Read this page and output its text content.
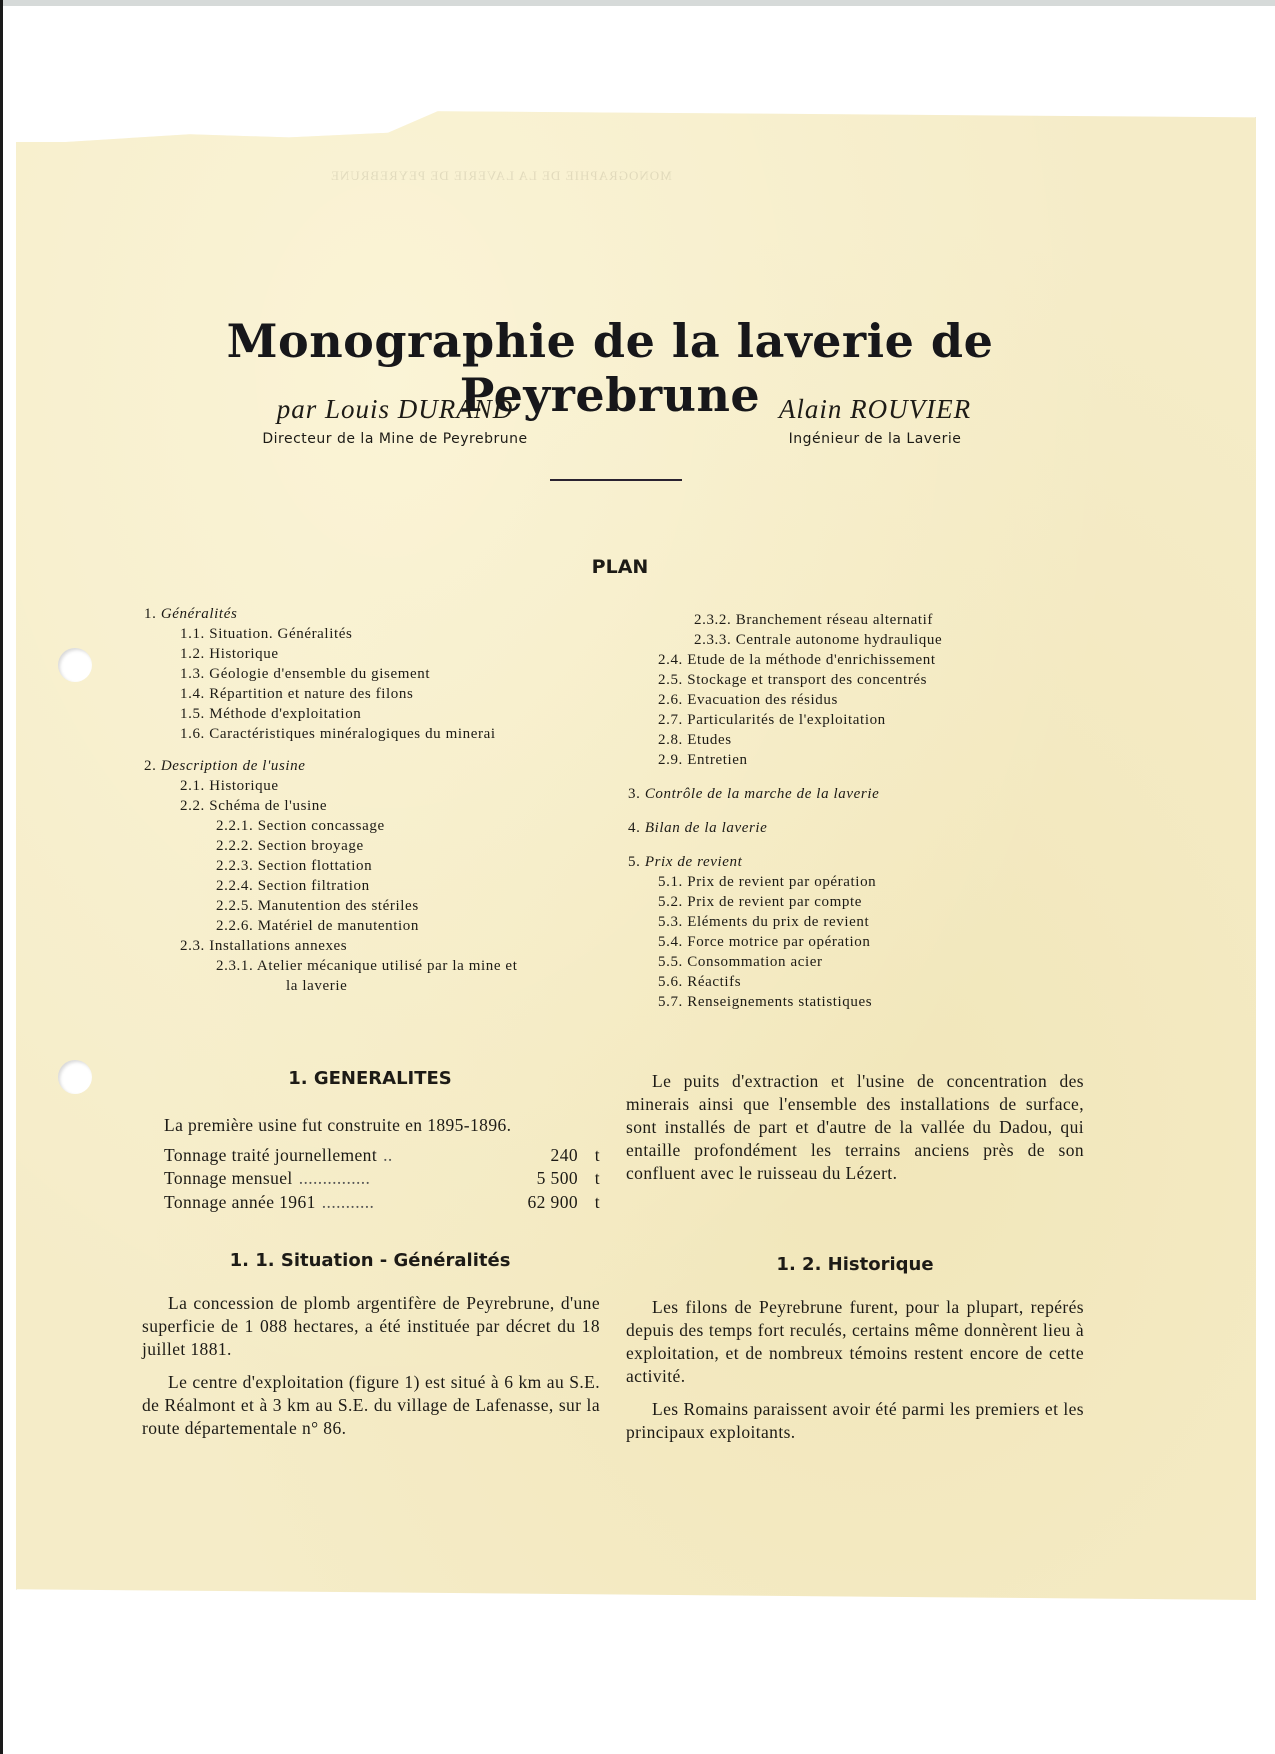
MONOGRAPHIE DE LA LAVERIE DE PEYREBRUNE
Monographie de la laverie de Peyrebrune
par Louis DURAND
Directeur de la Mine de Peyrebrune
Alain ROUVIER
Ingénieur de la Laverie
PLAN
1. Généralités
1.1. Situation. Généralités
1.2. Historique
1.3. Géologie d'ensemble du gisement
1.4. Répartition et nature des filons
1.5. Méthode d'exploitation
1.6. Caractéristiques minéralogiques du minerai
2. Description de l'usine
2.1. Historique
2.2. Schéma de l'usine
2.2.1. Section concassage
2.2.2. Section broyage
2.2.3. Section flottation
2.2.4. Section filtration
2.2.5. Manutention des stériles
2.2.6. Matériel de manutention
2.3. Installations annexes
2.3.1. Atelier mécanique utilisé par la mine et
la laverie
2.3.2. Branchement réseau alternatif
2.3.3. Centrale autonome hydraulique
2.4. Etude de la méthode d'enrichissement
2.5. Stockage et transport des concentrés
2.6. Evacuation des résidus
2.7. Particularités de l'exploitation
2.8. Etudes
2.9. Entretien
3. Contrôle de la marche de la laverie
4. Bilan de la laverie
5. Prix de revient
5.1. Prix de revient par opération
5.2. Prix de revient par compte
5.3. Eléments du prix de revient
5.4. Force motrice par opération
5.5. Consommation acier
5.6. Réactifs
5.7. Renseignements statistiques
1. GENERALITES
La première usine fut construite en 1895-1896.
Tonnage traité journellement ..	240 t
Tonnage mensuel ...............	5 500 t
Tonnage année 1961 ...........	62 900 t

Le puits d'extraction et l'usine de concentration des minerais ainsi que l'ensemble des installations de surface, sont installés de part et d'autre de la vallée du Dadou, qui entaille profondément les terrains anciens près de son confluent avec le ruisseau du Lézert.

1. 1. Situation - Généralités

La concession de plomb argentifère de Peyrebrune, d'une superficie de 1 088 hectares, a été instituée par décret du 18 juillet 1881.

Le centre d'exploitation (figure 1) est situé à 6 km au S.E. de Réalmont et à 3 km au S.E. du village de Lafenasse, sur la route départementale n° 86.

1. 2. Historique

Les filons de Peyrebrune furent, pour la plupart, repérés depuis des temps fort reculés, certains même donnèrent lieu à exploitation, et de nombreux témoins restent encore de cette activité.

Les Romains paraissent avoir été parmi les premiers et les principaux exploitants.
